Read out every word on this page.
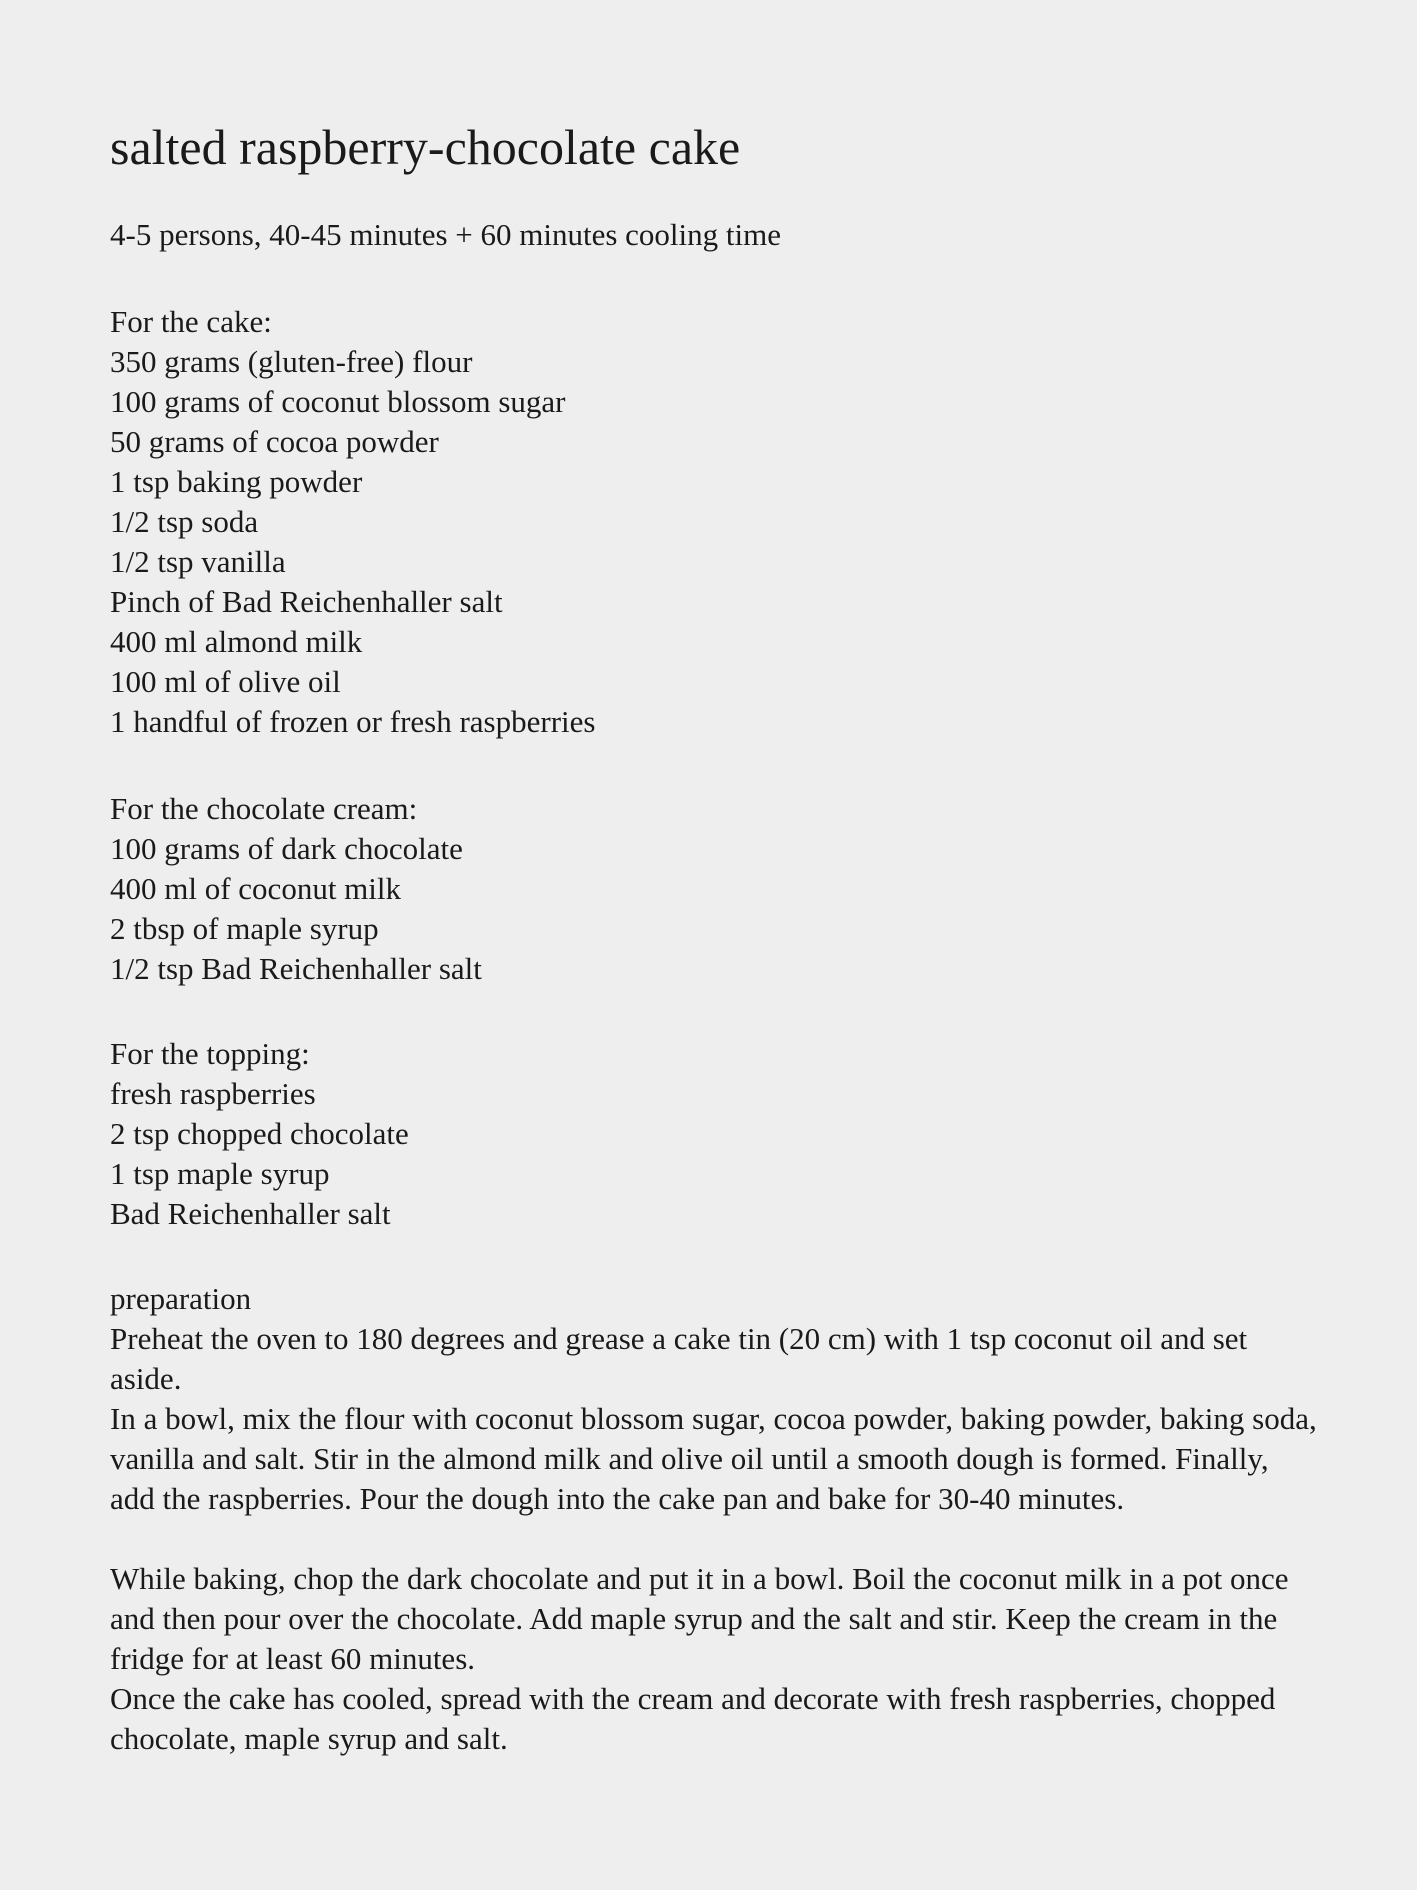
salted raspberry-chocolate cake

4-5 persons, 40-45 minutes + 60 minutes cooling time

For the cake:
350 grams (gluten-free) flour
100 grams of coconut blossom sugar
50 grams of cocoa powder
1 tsp baking powder
1/2 tsp soda
1/2 tsp vanilla
Pinch of Bad Reichenhaller salt
400 ml almond milk
100 ml of olive oil
1 handful of frozen or fresh raspberries
For the chocolate cream:
100 grams of dark chocolate
400 ml of coconut milk
2 tbsp of maple syrup
1/2 tsp Bad Reichenhaller salt
For the topping:
fresh raspberries
2 tsp chopped chocolate
1 tsp maple syrup
Bad Reichenhaller salt
preparation
Preheat the oven to 180 degrees and grease a cake tin (20 cm) with 1 tsp coconut oil and set aside.
In a bowl, mix the flour with coconut blossom sugar, cocoa powder, baking powder, baking soda, vanilla and salt. Stir in the almond milk and olive oil until a smooth dough is formed. Finally, add the raspberries. Pour the dough into the cake pan and bake for 30-40 minutes.
While baking, chop the dark chocolate and put it in a bowl. Boil the coconut milk in a pot once and then pour over the chocolate. Add maple syrup and the salt and stir. Keep the cream in the fridge for at least 60 minutes.
Once the cake has cooled, spread with the cream and decorate with fresh raspberries, chopped chocolate, maple syrup and salt.
